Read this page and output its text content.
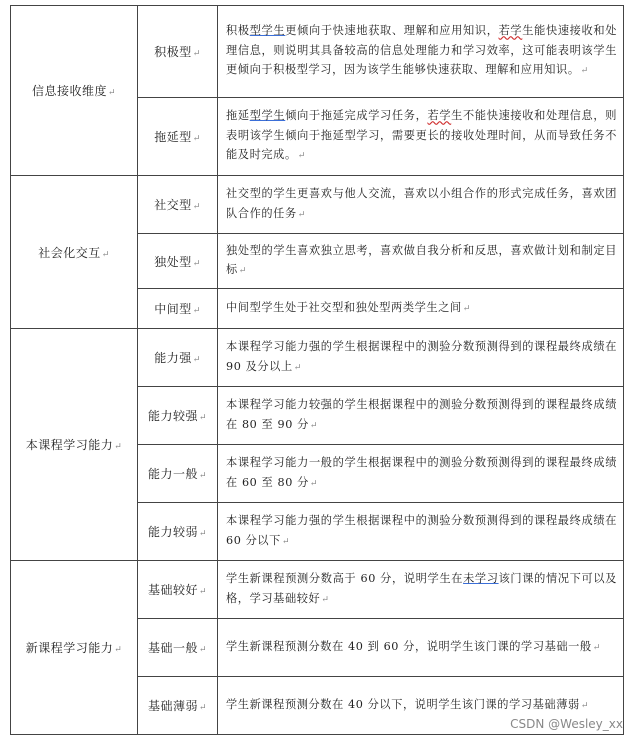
信息接收维度↵	积极型↵	积极型学生更倾向于快速地获取、理解和应用知识，若学生能快速接收和处理信息，则说明其具备较高的信息处理能力和学习效率，这可能表明该学生更倾向于积极型学习，因为该学生能够快速获取、理解和应用知识。↵
	拖延型↵	拖延型学生倾向于拖延完成学习任务，若学生不能快速接收和处理信息，则表明该学生倾向于拖延型学习，需要更长的接收处理时间，从而导致任务不能及时完成。↵
社会化交互↵	社交型↵	社交型的学生更喜欢与他人交流，喜欢以小组合作的形式完成任务，喜欢团队合作的任务↵
	独处型↵	独处型的学生喜欢独立思考，喜欢做自我分析和反思，喜欢做计划和制定目标↵
	中间型↵	中间型学生处于社交型和独处型两类学生之间↵
本课程学习能力↵	能力强↵	本课程学习能力强的学生根据课程中的测验分数预测得到的课程最终成绩在 90 及分以上↵
	能力较强↵	本课程学习能力较强的学生根据课程中的测验分数预测得到的课程最终成绩在 80 至 90 分↵
	能力一般↵	本课程学习能力一般的学生根据课程中的测验分数预测得到的课程最终成绩在 60 至 80 分↵
	能力较弱↵	本课程学习能力强的学生根据课程中的测验分数预测得到的课程最终成绩在 60 分以下↵
新课程学习能力↵	基础较好↵	学生新课程预测分数高于 60 分，说明学生在未学习该门课的情况下可以及格，学习基础较好↵
	基础一般↵	学生新课程预测分数在 40 到 60 分，说明学生该门课的学习基础一般↵
	基础薄弱↵	学生新课程预测分数在 40 分以下，说明学生该门课的学习基础薄弱↵
CSDN @Wesley_xx
